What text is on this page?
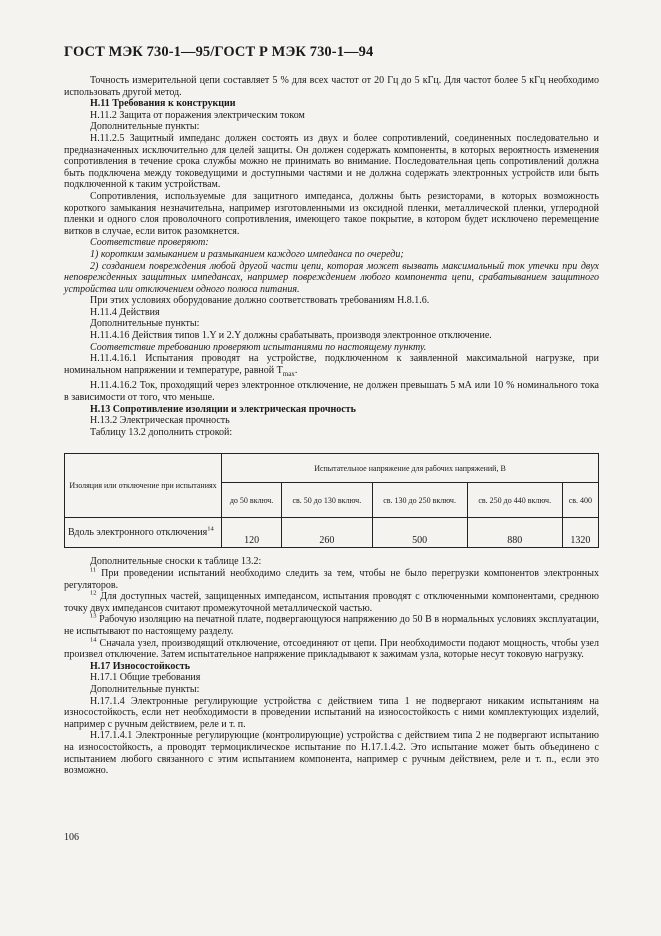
ГОСТ МЭК 730-1—95/ГОСТ Р МЭК 730-1—94

Точность измерительной цепи составляет 5 % для всех частот от 20 Гц до 5 кГц. Для частот более 5 кГц необходимо использовать другой метод.

H.11 Требования к конструкции

H.11.2 Защита от поражения электрическим током

Дополнительные пункты:

H.11.2.5 Защитный импеданс должен состоять из двух и более сопротивлений, соединенных последовательно и предназначенных исключительно для целей защиты. Он должен содержать компоненты, в которых вероятность изменения сопротивления в течение срока службы можно не принимать во внимание. Последовательная цепь сопротивлений должна быть подключена между токоведущими и доступными частями и не должна содержать электронных устройств или быть подключенной к таким устройствам.

Сопротивления, используемые для защитного импеданса, должны быть резисторами, в которых возможность короткого замыкания незначительна, например изготовленными из оксидной пленки, металлической пленки, углеродной пленки и одного слоя проволочного сопротивления, имеющего такое покрытие, в котором будет исключено перемещение витков в случае, если виток разомкнется.

Соответствие проверяют:

1) коротким замыканием и размыканием каждого импеданса по очереди;

2) созданием повреждения любой другой части цепи, которая может вызвать максимальный ток утечки при двух неповрежденных защитных импедансах, например повреждением любого компонента цепи, срабатыванием защитного устройства или отключением одного полюса питания.

При этих условиях оборудование должно соответствовать требованиям H.8.1.6.

H.11.4 Действия

Дополнительные пункты:

H.11.4.16 Действия типов 1.Y и 2.Y должны срабатывать, производя электронное отключение.

Соответствие требованию проверяют испытаниями по настоящему пункту.

H.11.4.16.1 Испытания проводят на устройстве, подключенном к заявленной максимальной нагрузке, при номинальном напряжении и температуре, равной $T_{max}$.

H.11.4.16.2 Ток, проходящий через электронное отключение, не должен превышать 5 мА или 10 % номинального тока в зависимости от того, что меньше.

H.13 Сопротивление изоляции и электрическая прочность

H.13.2 Электрическая прочность

Таблицу 13.2 дополнить строкой:

Изоляция или отключение при испытаниях	Испытательное напряжение для рабочих напряжений, В				
	до 50 включ.	св. 50 до 130 включ.	св. 130 до 250 включ.	св. 250 до 440 включ.	св. 400
Вдоль электронного отключения$^{14}$	120	260	500	880	1320

Дополнительные сноски к таблице 13.2:

$^{11}$ При проведении испытаний необходимо следить за тем, чтобы не было перегрузки компонентов электронных регуляторов.

$^{12}$ Для доступных частей, защищенных импедансом, испытания проводят с отключенными компонентами, среднюю точку двух импедансов считают промежуточной металлической частью.

$^{13}$ Рабочую изоляцию на печатной плате, подвергающуюся напряжению до 50 В в нормальных условиях эксплуатации, не испытывают по настоящему разделу.

$^{14}$ Сначала узел, производящий отключение, отсоединяют от цепи. При необходимости подают мощность, чтобы узел произвел отключение. Затем испытательное напряжение прикладывают к зажимам узла, которые несут токовую нагрузку.

H.17 Износостойкость

H.17.1 Общие требования

Дополнительные пункты:

H.17.1.4 Электронные регулирующие устройства с действием типа 1 не подвергают никаким испытаниям на износостойкость, если нет необходимости в проведении испытаний на износостойкость с ними комплектующих изделий, например с ручным действием, реле и т. п.

H.17.1.4.1 Электронные регулирующие (контролирующие) устройства с действием типа 2 не подвергают испытанию на износостойкость, а проводят термоциклическое испытание по H.17.1.4.2. Это испытание может быть объединено с испытанием любого связанного с этим испытанием компонента, например с ручным действием, реле и т. п., если это возможно.

106
